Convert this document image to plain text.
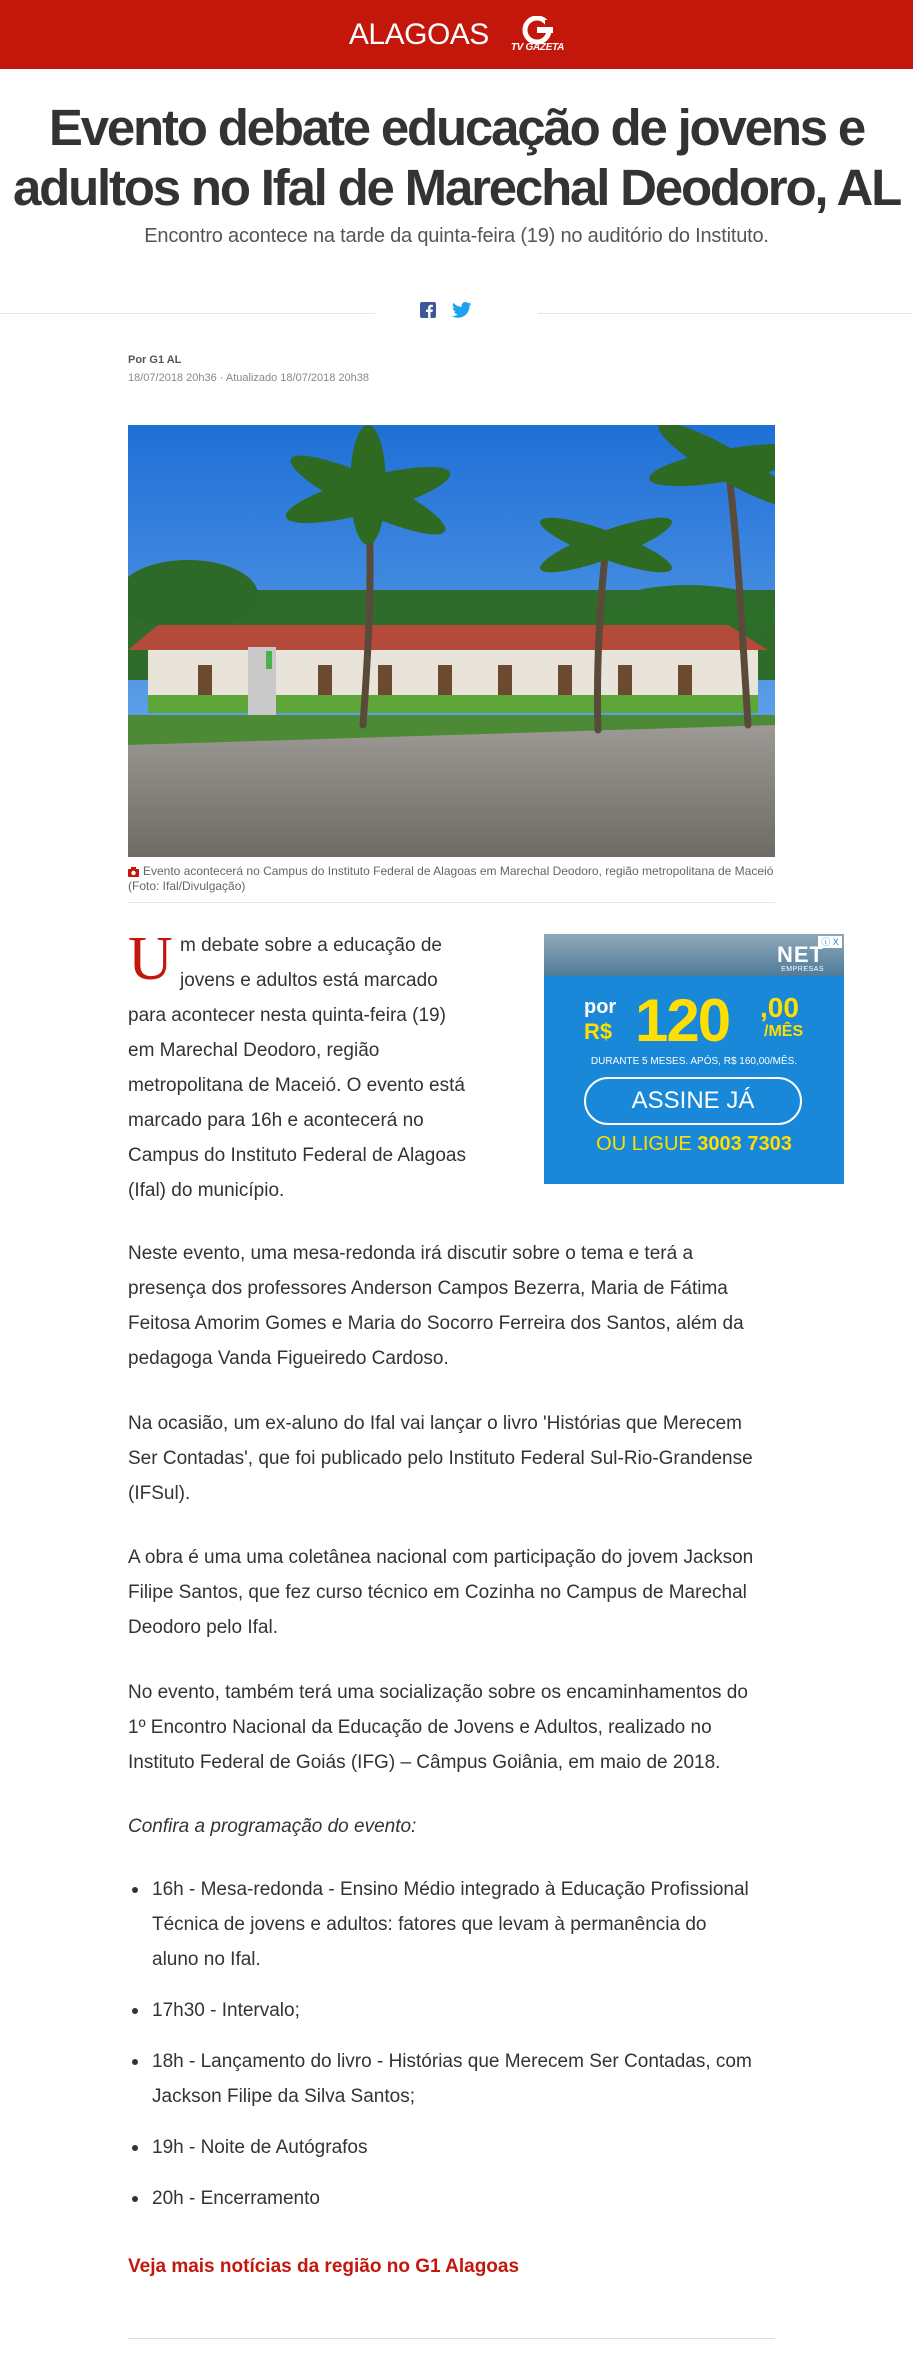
ALAGOAS TV GAZETA
Evento debate educação de jovens e
adultos no Ifal de Marechal Deodoro, AL
Encontro acontece na tarde da quinta-feira (19) no auditório do Instituto.
Por G1 AL
18/07/2018 20h36 · Atualizado 18/07/2018 20h38
Evento acontecerá no Campus do Instituto Federal de Alagoas em Marechal Deodoro, região metropolitana de Maceió (Foto: Ifal/Divulgação)
U m debate sobre a educação de
jovens e adultos está marcado
para acontecer nesta quinta-feira (19)
em Marechal Deodoro, região
metropolitana de Maceió. O evento está
marcado para 16h e acontecerá no
Campus do Instituto Federal de Alagoas
(Ifal) do município.
ⓘ X
NET
EMPRESAS
por
R$ 120 ,00
/MÊS
DURANTE 5 MESES. APÓS, R$ 160,00/MÊS.
ASSINE JÁ
OU LIGUE 3003 7303
Neste evento, uma mesa-redonda irá discutir sobre o tema e terá a
presença dos professores Anderson Campos Bezerra, Maria de Fátima
Feitosa Amorim Gomes e Maria do Socorro Ferreira dos Santos, além da
pedagoga Vanda Figueiredo Cardoso.
Na ocasião, um ex-aluno do Ifal vai lançar o livro 'Histórias que Merecem
Ser Contadas', que foi publicado pelo Instituto Federal Sul-Rio-Grandense
(IFSul).
A obra é uma uma coletânea nacional com participação do jovem Jackson
Filipe Santos, que fez curso técnico em Cozinha no Campus de Marechal
Deodoro pelo Ifal.
No evento, também terá uma socialização sobre os encaminhamentos do
1º Encontro Nacional da Educação de Jovens e Adultos, realizado no
Instituto Federal de Goiás (IFG) – Câmpus Goiânia, em maio de 2018.
Confira a programação do evento:
16h - Mesa-redonda - Ensino Médio integrado à Educação Profissional
Técnica de jovens e adultos: fatores que levam à permanência do
aluno no Ifal.
17h30 - Intervalo;
18h - Lançamento do livro - Histórias que Merecem Ser Contadas, com
Jackson Filipe da Silva Santos;
19h - Noite de Autógrafos
20h - Encerramento
Veja mais notícias da região no G1 Alagoas
